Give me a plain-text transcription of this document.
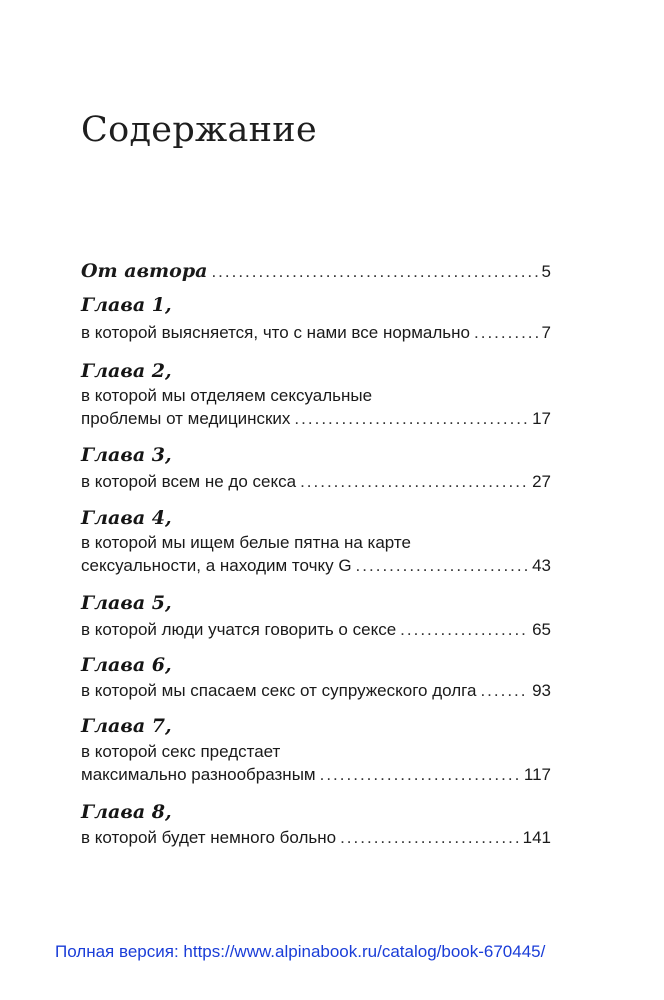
Содержание
От автора .....	5
Глава 1,
в которой выясняется, что с нами все нормально .....	7
Глава 2,
в которой мы отделяем сексуальные
проблемы от медицинских .....	17
Глава 3,
в которой всем не до секса .....	27
Глава 4,
в которой мы ищем белые пятна на карте
сексуальности, а находим точку G .....	43
Глава 5,
в которой люди учатся говорить о сексе .....	65
Глава 6,
в которой мы спасаем секс от супружеского долга .....	93
Глава 7,
в которой секс предстает
максимально разнообразным .....	117
Глава 8,
в которой будет немного больно .....	141
Полная версия: https://www.alpinabook.ru/catalog/book-670445/
